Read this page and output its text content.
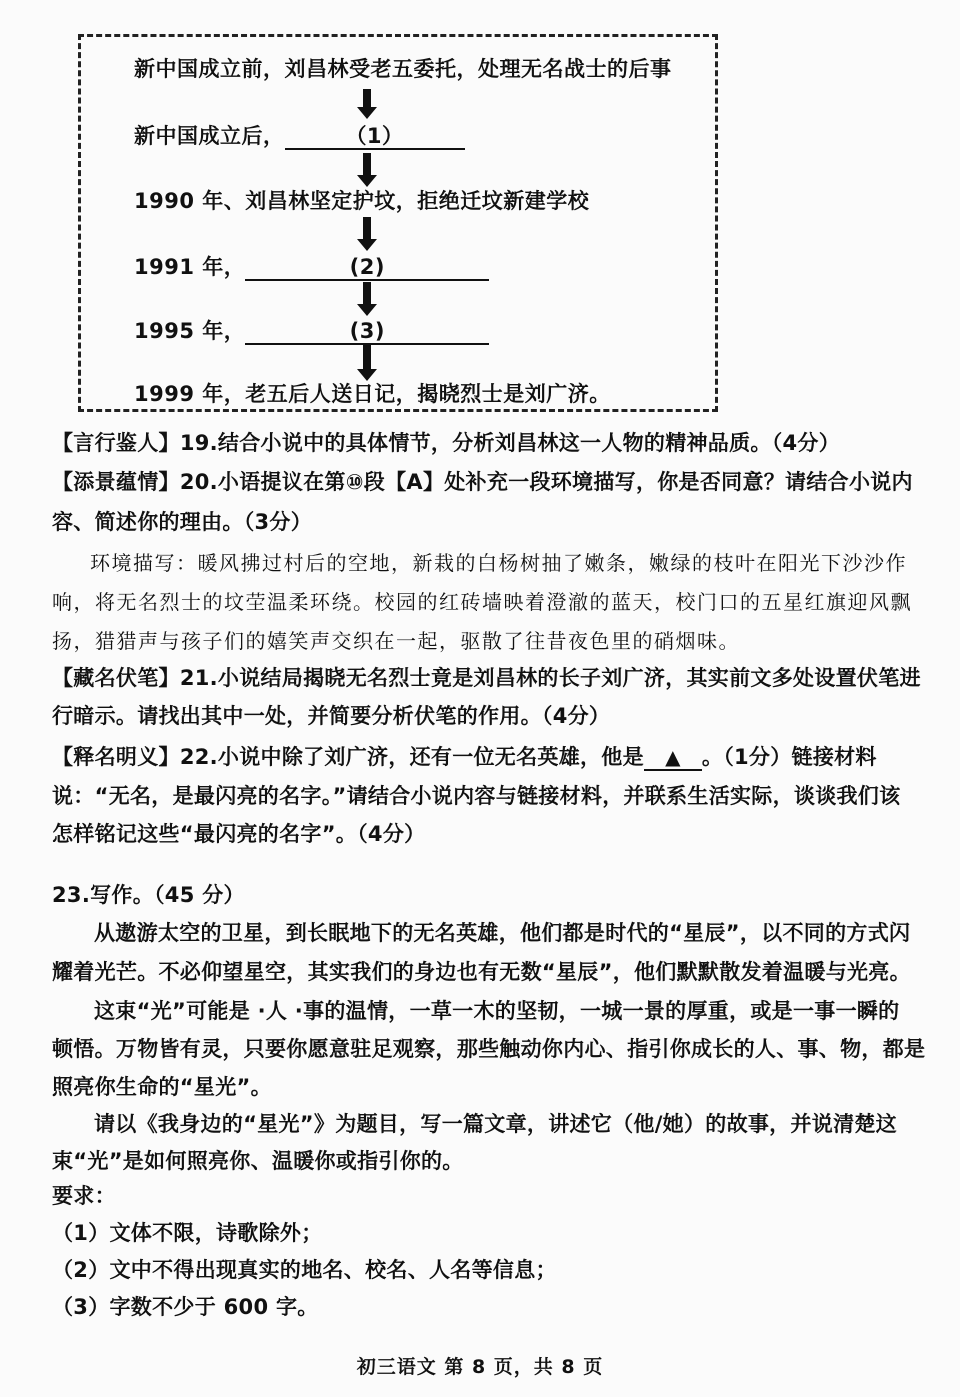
新中国成立前，刘昌林受老五委托，处理无名战士的后事
新中国成立后，	（1）
1990 年、刘昌林坚定护坟，拒绝迁坟新建学校
1991 年，	(2)
1995 年，	(3)
1999 年，老五后人送日记，揭晓烈士是刘广济。
【言行鉴人】19.结合小说中的具体情节，分析刘昌林这一人物的精神品质。（4分）
【添景蕴情】20.小语提议在第⑩段【A】处补充一段环境描写，你是否同意？请结合小说内
容、简述你的理由。（3分）
环境描写：暖风拂过村后的空地，新栽的白杨树抽了嫩条，嫩绿的枝叶在阳光下沙沙作
响，将无名烈士的坟茔温柔环绕。校园的红砖墙映着澄澈的蓝天，校门口的五星红旗迎风飘
扬，猎猎声与孩子们的嬉笑声交织在一起，驱散了往昔夜色里的硝烟味。
【藏名伏笔】21.小说结局揭晓无名烈士竟是刘昌林的长子刘广济，其实前文多处设置伏笔进
行暗示。请找出其中一处，并简要分析伏笔的作用。（4分）
【释名明义】22.小说中除了刘广济，还有一位无名英雄，他是 ▲ 。（1分）链接材料
说：“无名，是最闪亮的名字。”请结合小说内容与链接材料，并联系生活实际，谈谈我们该
怎样铭记这些“最闪亮的名字”。（4分）
23.写作。（45 分）
从遨游太空的卫星，到长眠地下的无名英雄，他们都是时代的“星辰”，以不同的方式闪
耀着光芒。不必仰望星空，其实我们的身边也有无数“星辰”，他们默默散发着温暖与光亮。
这束“光”可能是 ·人 ·事的温情，一草一木的坚韧，一城一景的厚重，或是一事一瞬的
顿悟。万物皆有灵，只要你愿意驻足观察，那些触动你内心、指引你成长的人、事、物，都是
照亮你生命的“星光”。
请以《我身边的“星光”》为题目，写一篇文章，讲述它（他/她）的故事，并说清楚这
束“光”是如何照亮你、温暖你或指引你的。
要求：
（1）文体不限，诗歌除外；
（2）文中不得出现真实的地名、校名、人名等信息；
（3）字数不少于 600 字。
初三语文 第 8 页，共 8 页
